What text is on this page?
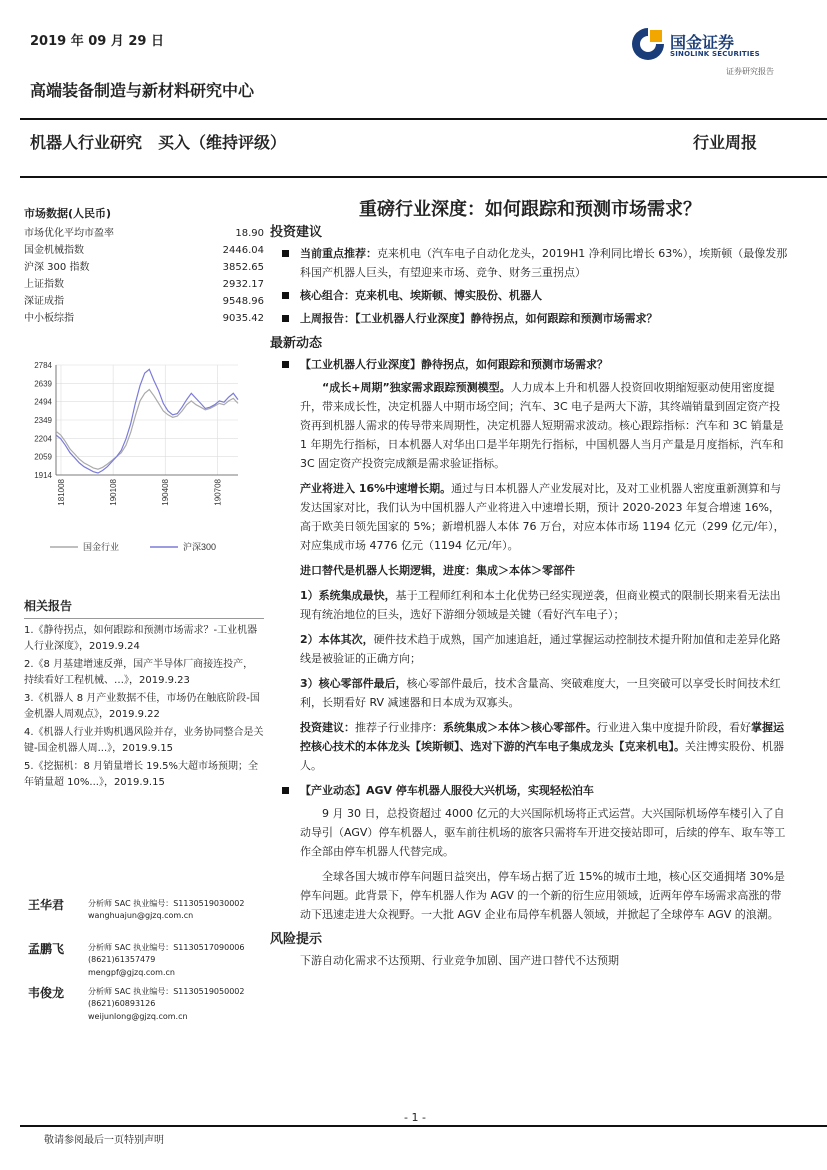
2019 年 09 月 29 日	国金证券
SINOLINK SECURITIES
证券研究报告
高端装备制造与新材料研究中心
机器人行业研究　买入（维持评级）	行业周报
市场数据(人民币)
市场优化平均市盈率	18.90
国金机械指数	2446.04
沪深 300 指数	3852.65
上证指数	2932.17
深证成指	9548.96
中小板综指	9035.42
2784
2639
2494
2349
2204
2059
1914
181008	190108	190408	190708
国金行业	沪深300
相关报告
1.《静待拐点，如何跟踪和预测市场需求？-工业机器人行业深度》，2019.9.24
2.《8 月基建增速反弹，国产半导体厂商接连投产， 持续看好工程机械、…》，2019.9.23
3.《机器人 8 月产业数据不佳，市场仍在触底阶段-国金机器人周观点》，2019.9.22
4.《机器人行业并购机遇风险并存，业务协同整合是关键-国金机器人周...》，2019.9.15
5.《挖掘机：8 月销量增长 19.5%大超市场预期；全年销量超 10%...》，2019.9.15
王华君	分析师 SAC 执业编号：S1130519030002
wanghuajun@gjzq.com.cn
孟鹏飞	分析师 SAC 执业编号：S1130517090006
(8621)61357479
mengpf@gjzq.com.cn
韦俊龙	分析师 SAC 执业编号：S1130519050002
(8621)60893126
weijunlong@gjzq.com.cn
重磅行业深度：如何跟踪和预测市场需求？
投资建议
当前重点推荐：克来机电（汽车电子自动化龙头，2019H1 净利同比增长 63%），埃斯顿（最像发那科国产机器人巨头，有望迎来市场、竞争、财务三重拐点）
核心组合：克来机电、埃斯顿、博实股份、机器人
上周报告：【工业机器人行业深度】静待拐点，如何跟踪和预测市场需求？
最新动态
【工业机器人行业深度】静待拐点，如何跟踪和预测市场需求？
“成长+周期”独家需求跟踪预测模型。人力成本上升和机器人投资回收期缩短驱动使用密度提升，带来成长性，决定机器人中期市场空间；汽车、3C 电子是两大下游，其终端销量到固定资产投资再到机器人需求的传导带来周期性，决定机器人短期需求波动。核心跟踪指标：汽车和 3C 销量是 1 年期先行指标，日本机器人对华出口是半年期先行指标，中国机器人当月产量是月度指标，汽车和 3C 固定资产投资完成额是需求验证指标。
产业将进入 16%中速增长期。通过与日本机器人产业发展对比，及对工业机器人密度重新测算和与发达国家对比，我们认为中国机器人产业将进入中速增长期，预计 2020-2023 年复合增速 16%，高于欧美日领先国家的 5%；新增机器人本体 76 万台，对应本体市场 1194 亿元（299 亿元/年），对应集成市场 4776 亿元（1194 亿元/年）。
进口替代是机器人长期逻辑，进度：集成＞本体＞零部件
1）系统集成最快，基于工程师红利和本土化优势已经实现逆袭，但商业模式的限制长期来看无法出现有统治地位的巨头，选好下游细分领域是关键（看好汽车电子）；
2）本体其次，硬件技术趋于成熟，国产加速追赶，通过掌握运动控制技术提升附加值和走差异化路线是被验证的正确方向；
3）核心零部件最后，核心零部件最后，技术含量高、突破难度大，一旦突破可以享受长时间技术红利，长期看好 RV 减速器和日本成为双寡头。
投资建议：推荐子行业排序：系统集成＞本体＞核心零部件。行业进入集中度提升阶段，看好掌握运控核心技术的本体龙头【埃斯顿】、选对下游的汽车电子集成龙头【克来机电】。关注博实股份、机器人。
【产业动态】AGV 停车机器人服役大兴机场，实现轻松泊车
9 月 30 日，总投资超过 4000 亿元的大兴国际机场将正式运营。大兴国际机场停车楼引入了自动导引（AGV）停车机器人，驱车前往机场的旅客只需将车开进交接站即可，后续的停车、取车等工作全部由停车机器人代替完成。
全球各国大城市停车问题日益突出，停车场占据了近 15%的城市土地，核心区交通拥堵 30%是停车问题。此背景下，停车机器人作为 AGV 的一个新的衍生应用领域，近两年停车场需求高涨的带动下迅速走进大众视野。一大批 AGV 企业布局停车机器人领域，并掀起了全球停车 AGV 的浪潮。
风险提示
下游自动化需求不达预期、行业竞争加剧、国产进口替代不达预期
- 1 -
敬请参阅最后一页特别声明
